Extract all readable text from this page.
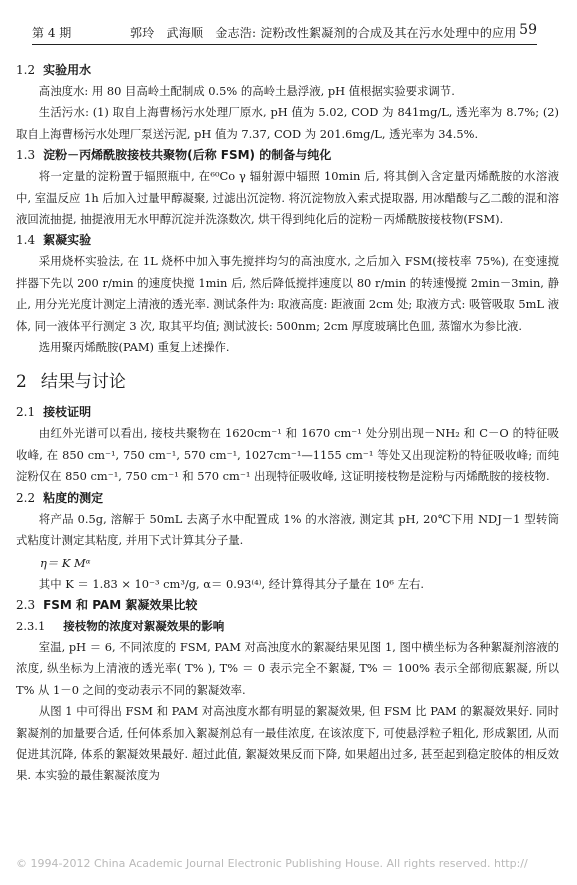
第 4 期	郭玲　武海顺　金志浩: 淀粉改性絮凝剂的合成及其在污水处理中的应用 59
1.2 实验用水
高浊度水: 用 80 目高岭土配制成 0.5% 的高岭土悬浮液, pH 值根据实验要求调节.
生活污水: (1) 取自上海曹杨污水处理厂原水, pH 值为 5.02, COD 为 841mg/L, 透光率为 8.7%; (2) 取自上海曹杨污水处理厂泵送污泥, pH 值为 7.37, COD 为 201.6mg/L, 透光率为 34.5%.
1.3 淀粉－丙烯酰胺接枝共聚物(后称 FSM) 的制备与纯化
将一定量的淀粉置于辐照瓶中, 在⁶⁰Co γ 辐射源中辐照 10min 后, 将其倒入含定量丙烯酰胺的水溶液中, 室温反应 1h 后加入过量甲醇凝聚, 过滤出沉淀物. 将沉淀物放入索式提取器, 用冰醋酸与乙二酸的混和溶液回流抽提, 抽提液用无水甲醇沉淀并洗涤数次, 烘干得到纯化后的淀粉－丙烯酰胺接枝物(FSM).
1.4 絮凝实验
采用烧杯实验法, 在 1L 烧杯中加入事先搅拌均匀的高浊度水, 之后加入 FSM(接枝率 75%), 在变速搅拌器下先以 200 r/min 的速度快搅 1min 后, 然后降低搅拌速度以 80 r/min 的转速慢搅 2min－3min, 静止, 用分光光度计测定上清液的透光率. 测试条件为: 取液高度: 距液面 2cm 处; 取液方式: 吸管吸取 5mL 液体, 同一液体平行测定 3 次, 取其平均值; 测试波长: 500nm; 2cm 厚度玻璃比色皿, 蒸馏水为参比液.
选用聚丙烯酰胺(PAM) 重复上述操作.
2 结果与讨论
2.1 接枝证明
由红外光谱可以看出, 接枝共聚物在 1620cm⁻¹ 和 1670 cm⁻¹ 处分别出现－NH₂ 和 C－O 的特征吸收峰, 在 850 cm⁻¹, 750 cm⁻¹, 570 cm⁻¹, 1027cm⁻¹—1155 cm⁻¹ 等处又出现淀粉的特征吸收峰; 而纯淀粉仅在 850 cm⁻¹, 750 cm⁻¹ 和 570 cm⁻¹ 出现特征吸收峰, 这证明接枝物是淀粉与丙烯酰胺的接枝物.
2.2 粘度的测定
将产品 0.5g, 溶解于 50mL 去离子水中配置成 1% 的水溶液, 测定其 pH, 20℃下用 NDJ－1 型转筒式粘度计测定其粘度, 并用下式计算其分子量.
η＝ K Mᵅ
其中 K ＝ 1.83 × 10⁻³ cm³/g, α＝ 0.93⁽⁴⁾, 经计算得其分子量在 10⁶ 左右.
2.3 FSM 和 PAM 絮凝效果比较
2.3.1 接枝物的浓度对絮凝效果的影响
室温, pH ＝ 6, 不同浓度的 FSM, PAM 对高浊度水的絮凝结果见图 1, 图中横坐标为各种絮凝剂溶液的浓度, 纵坐标为上清液的透光率( T% ), T% ＝ 0 表示完全不絮凝, T% ＝ 100% 表示全部彻底絮凝, 所以 T% 从 1－0 之间的变动表示不同的絮凝效率.
从图 1 中可得出 FSM 和 PAM 对高浊度水都有明显的絮凝效果, 但 FSM 比 PAM 的絮凝效果好. 同时絮凝剂的加量要合适, 任何体系加入絮凝剂总有一最佳浓度, 在该浓度下, 可使悬浮粒子粗化, 形成絮团, 从而促进其沉降, 体系的絮凝效果最好. 超过此值, 絮凝效果反而下降, 如果超出过多, 甚至起到稳定胶体的相反效果. 本实验的最佳絮凝浓度为
© 1994-2012 China Academic Journal Electronic Publishing House. All rights reserved. http://
